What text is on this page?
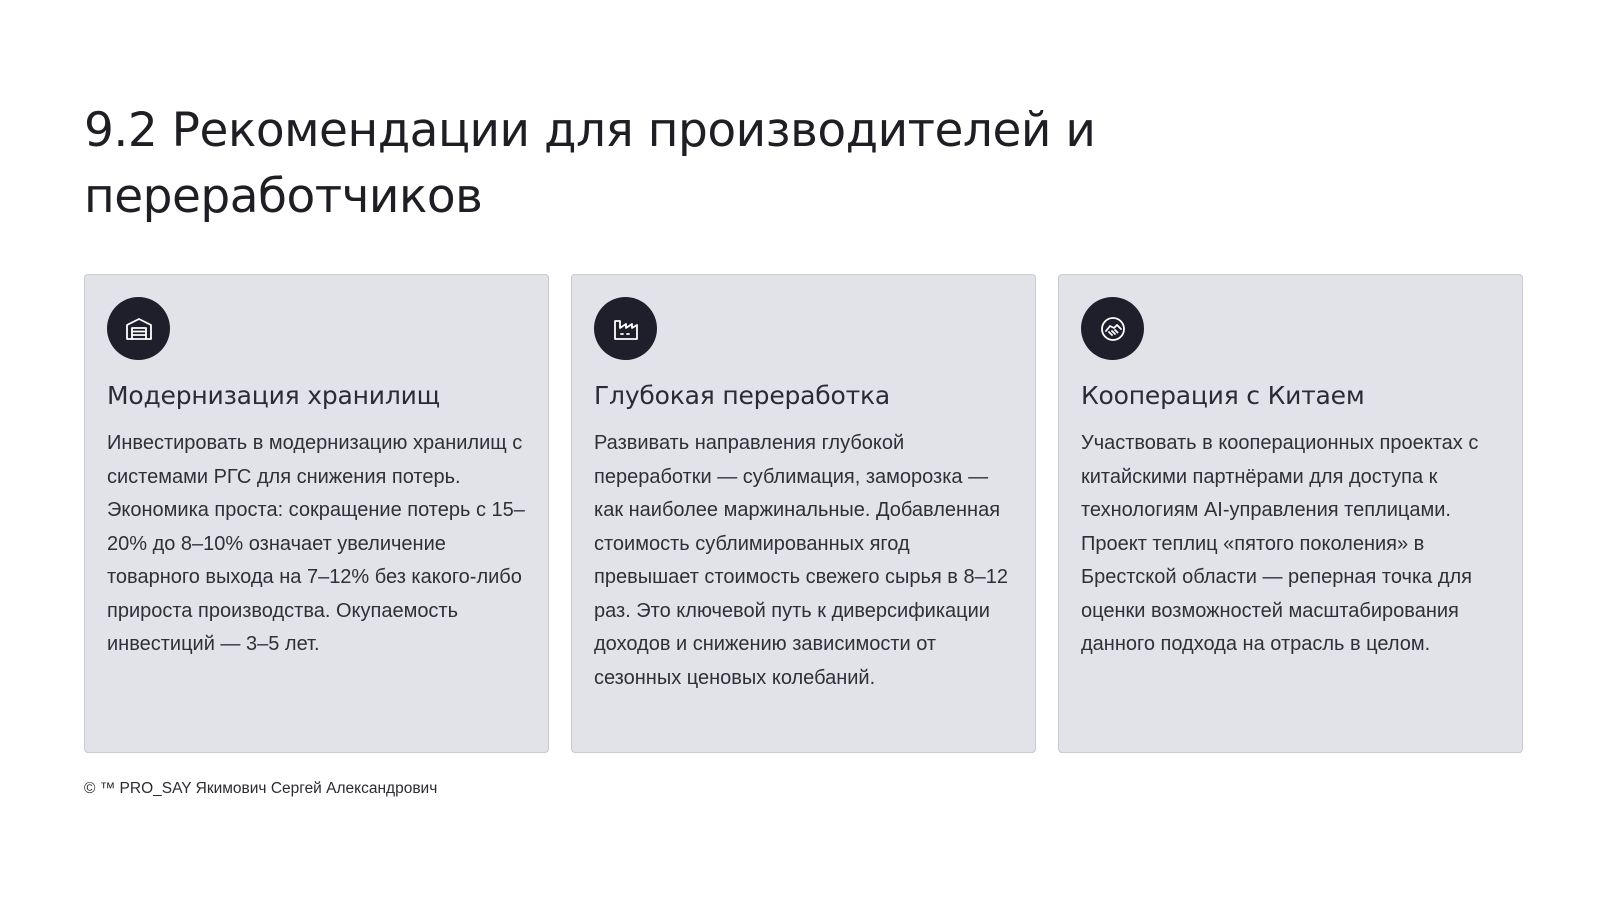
9.2 Рекомендации для производителей и переработчиков
Модернизация хранилищ

Инвестировать в модернизацию хранилищ с системами РГС для снижения потерь. Экономика проста: сокращение потерь с 15–20% до 8–10% означает увеличение товарного выхода на 7–12% без какого-либо прироста производства. Окупаемость инвестиций — 3–5 лет.

Глубокая переработка

Развивать направления глубокой переработки — сублимация, заморозка — как наиболее маржинальные. Добавленная стоимость сублимированных ягод превышает стоимость свежего сырья в 8–12 раз. Это ключевой путь к диверсификации доходов и снижению зависимости от сезонных ценовых колебаний.

Кооперация с Китаем

Участвовать в кооперационных проектах с китайскими партнёрами для доступа к технологиям AI-управления теплицами. Проект теплиц «пятого поколения» в Брестской области — реперная точка для оценки возможностей масштабирования данного подхода на отрасль в целом.

© ™ PRO_SAY Якимович Сергей Александрович
